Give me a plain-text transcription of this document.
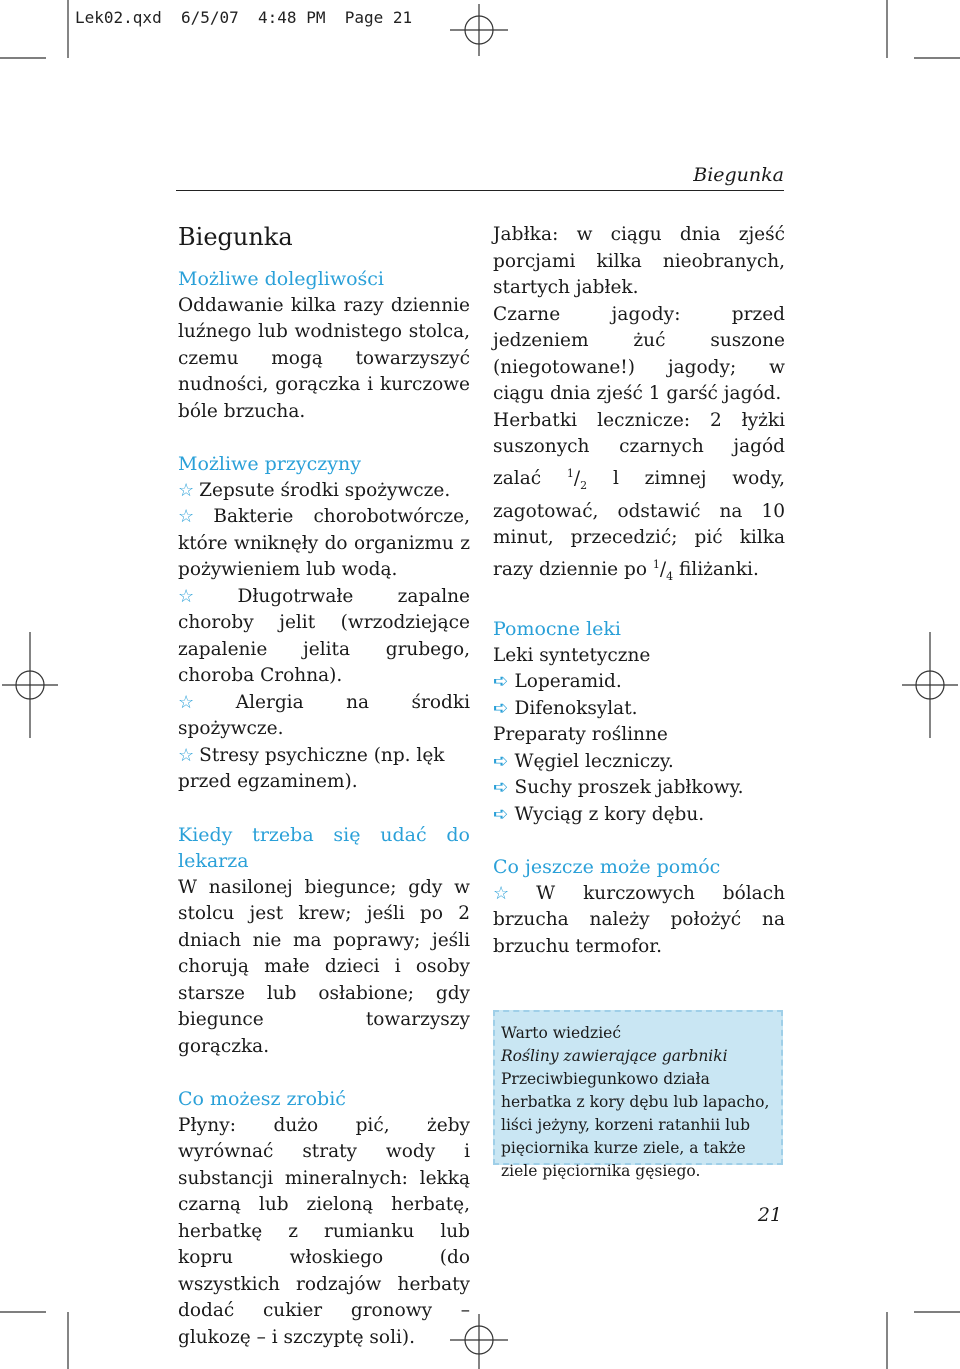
Lek02.qxd  6/5/07  4:48 PM  Page 21
Biegunka
Biegunka

Możliwe dolegliwości

Oddawanie kilka razy dziennie luźnego lub wodnistego stolca, czemu mogą towarzyszyć nudności, gorączka i kurczowe bóle brzucha.

Możliwe przyczyny

☆ Zepsute środki spożywcze.

☆ Bakterie chorobotwórcze, które wniknęły do organizmu z pożywieniem lub wodą.

☆ Długotrwałe zapalne choroby jelit (wrzodziejące zapalenie jelita grubego, choroba Crohna).

☆ Alergia na środki spożywcze.

☆ Stresy psychiczne (np. lęk przed egzaminem).

Kiedy trzeba się udać do lekarza

W nasilonej biegunce; gdy w stolcu jest krew; jeśli po 2 dniach nie ma poprawy; jeśli chorują małe dzieci i osoby starsze lub osłabione; gdy biegunce towarzyszy gorączka.

Co możesz zrobić

Płyny: dużo pić, żeby wyrównać straty wody i substancji mineralnych: lekką czarną lub zieloną herbatę, herbatkę z rumianku lub kopru włoskiego (do wszystkich rodzajów herbaty dodać cukier gronowy – glukozę – i szczyptę soli).

Jabłka: w ciągu dnia zjeść porcjami kilka nieobranych, startych jabłek.

Czarne jagody: przed jedzeniem żuć suszone (niegotowane!) jagody; w ciągu dnia zjeść 1 garść jagód.

Herbatki lecznicze: 2 łyżki suszonych czarnych jagód zalać $^1/_2$ l zimnej wody, zagotować, odstawić na 10 minut, przecedzić; pić kilka razy dziennie po $^1/_4$ filiżanki.

Pomocne leki

Leki syntetyczne

➪ Loperamid.

➪ Difenoksylat.

Preparaty roślinne

➪ Węgiel leczniczy.

➪ Suchy proszek jabłkowy.

➪ Wyciąg z kory dębu.

Co jeszcze może pomóc

☆ W kurczowych bólach brzucha należy położyć na brzuchu termofor.

Warto wiedzieć

Rośliny zawierające garbniki

Przeciwbiegunkowo działa herbatka z kory dębu lub lapacho, liści jeżyny, korzeni ratanhii lub pięciornika kurze ziele, a także ziele pięciornika gęsiego.

21
